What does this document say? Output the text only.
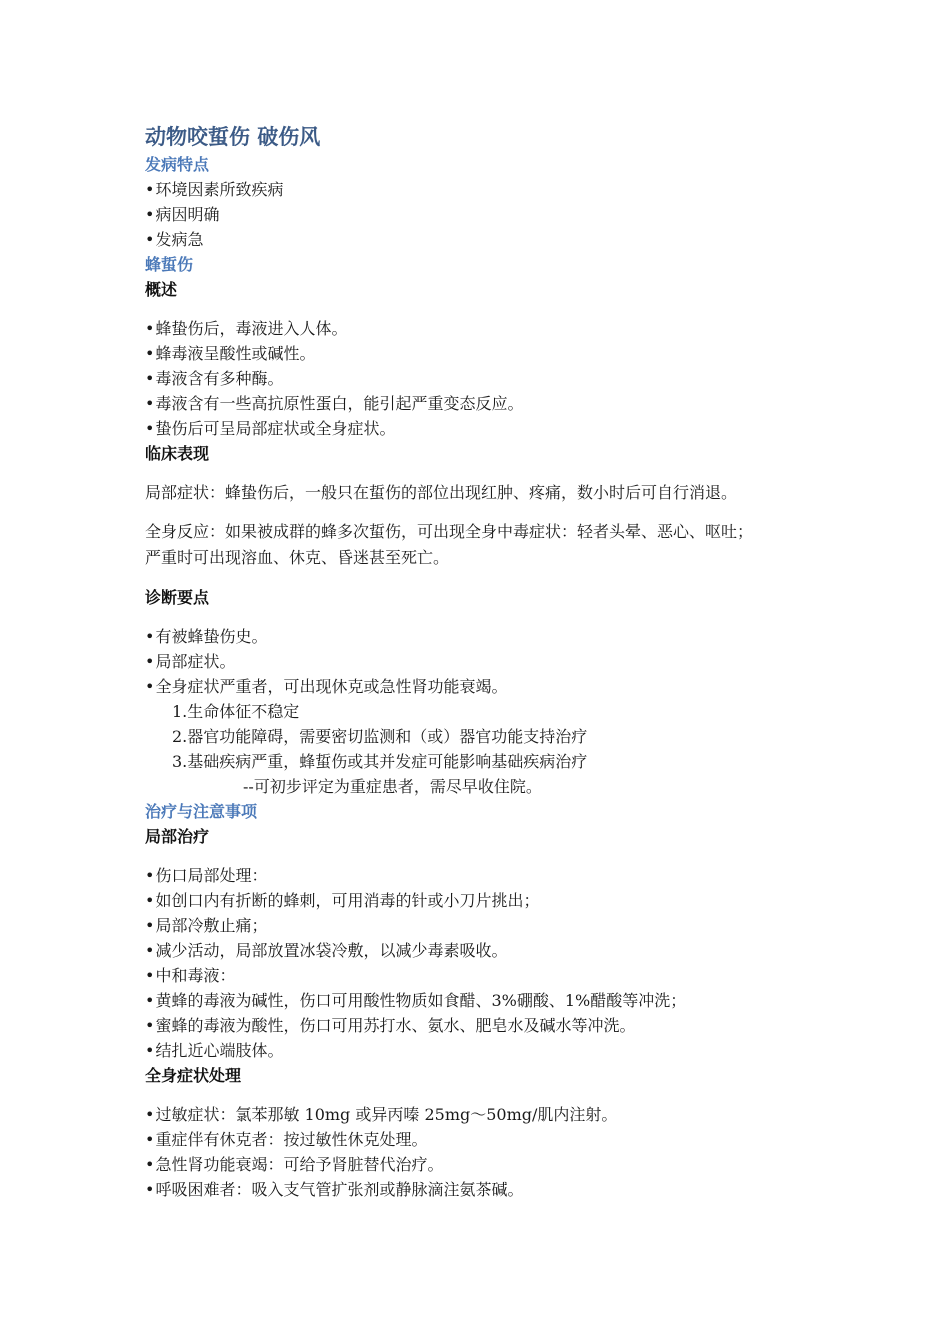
动物咬蜇伤 破伤风
发病特点
• 环境因素所致疾病
• 病因明确
• 发病急
蜂蜇伤
概述
• 蜂蛰伤后，毒液进入人体。
• 蜂毒液呈酸性或碱性。
• 毒液含有多种酶。
• 毒液含有一些高抗原性蛋白，能引起严重变态反应。
• 蛰伤后可呈局部症状或全身症状。
临床表现
局部症状：蜂蛰伤后，一般只在蜇伤的部位出现红肿、疼痛，数小时后可自行消退。
全身反应：如果被成群的蜂多次蜇伤，可出现全身中毒症状：轻者头晕、恶心、呕吐；
严重时可出现溶血、休克、昏迷甚至死亡。
诊断要点
• 有被蜂蛰伤史。
• 局部症状。
• 全身症状严重者，可出现休克或急性肾功能衰竭。
1.生命体征不稳定
2.器官功能障碍，需要密切监测和（或）器官功能支持治疗
3.基础疾病严重，蜂蜇伤或其并发症可能影响基础疾病治疗
--可初步评定为重症患者，需尽早收住院。
治疗与注意事项
局部治疗
• 伤口局部处理：
• 如创口内有折断的蜂刺，可用消毒的针或小刀片挑出；
• 局部冷敷止痛；
• 减少活动，局部放置冰袋冷敷，以减少毒素吸收。
• 中和毒液：
• 黄蜂的毒液为碱性，伤口可用酸性物质如食醋、3%硼酸、1%醋酸等冲洗；
• 蜜蜂的毒液为酸性，伤口可用苏打水、氨水、肥皂水及碱水等冲洗。
• 结扎近心端肢体。
全身症状处理
• 过敏症状：氯苯那敏 10mg 或异丙嗪 25mg～50mg/肌内注射。
• 重症伴有休克者：按过敏性休克处理。
• 急性肾功能衰竭：可给予肾脏替代治疗。
• 呼吸困难者：吸入支气管扩张剂或静脉滴注氨茶碱。
